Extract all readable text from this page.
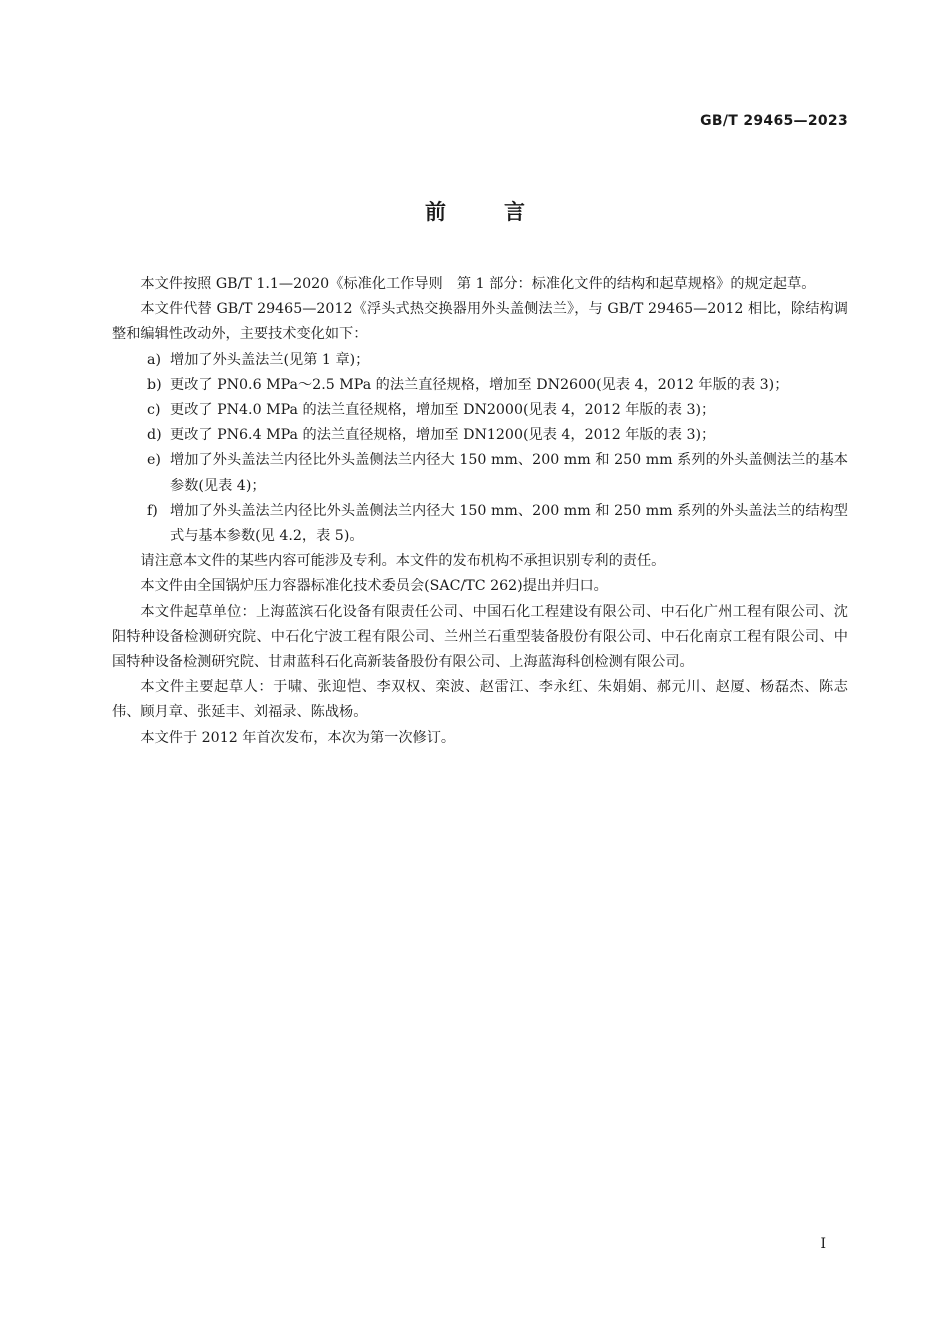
GB/T 29465—2023
前言

本文件按照 GB/T 1.1—2020《标准化工作导则　第 1 部分：标准化文件的结构和起草规格》的规定起草。

本文件代替 GB/T 29465—2012《浮头式热交换器用外头盖侧法兰》，与 GB/T 29465—2012 相比，除结构调整和编辑性改动外，主要技术变化如下：

a) 增加了外头盖法兰(见第 1 章)；
b) 更改了 PN0.6 MPa～2.5 MPa 的法兰直径规格，增加至 DN2600(见表 4，2012 年版的表 3)；
c) 更改了 PN4.0 MPa 的法兰直径规格，增加至 DN2000(见表 4，2012 年版的表 3)；
d) 更改了 PN6.4 MPa 的法兰直径规格，增加至 DN1200(见表 4，2012 年版的表 3)；
e) 增加了外头盖法兰内径比外头盖侧法兰内径大 150 mm、200 mm 和 250 mm 系列的外头盖侧法兰的基本参数(见表 4)；
f) 增加了外头盖法兰内径比外头盖侧法兰内径大 150 mm、200 mm 和 250 mm 系列的外头盖法兰的结构型式与基本参数(见 4.2，表 5)。

请注意本文件的某些内容可能涉及专利。本文件的发布机构不承担识别专利的责任。

本文件由全国锅炉压力容器标准化技术委员会(SAC/TC 262)提出并归口。

本文件起草单位：上海蓝滨石化设备有限责任公司、中国石化工程建设有限公司、中石化广州工程有限公司、沈阳特种设备检测研究院、中石化宁波工程有限公司、兰州兰石重型装备股份有限公司、中石化南京工程有限公司、中国特种设备检测研究院、甘肃蓝科石化高新装备股份有限公司、上海蓝海科创检测有限公司。

本文件主要起草人：于啸、张迎恺、李双权、栾波、赵雷江、李永红、朱娟娟、郝元川、赵厦、杨磊杰、陈志伟、顾月章、张延丰、刘福录、陈战杨。

本文件于 2012 年首次发布，本次为第一次修订。

I
